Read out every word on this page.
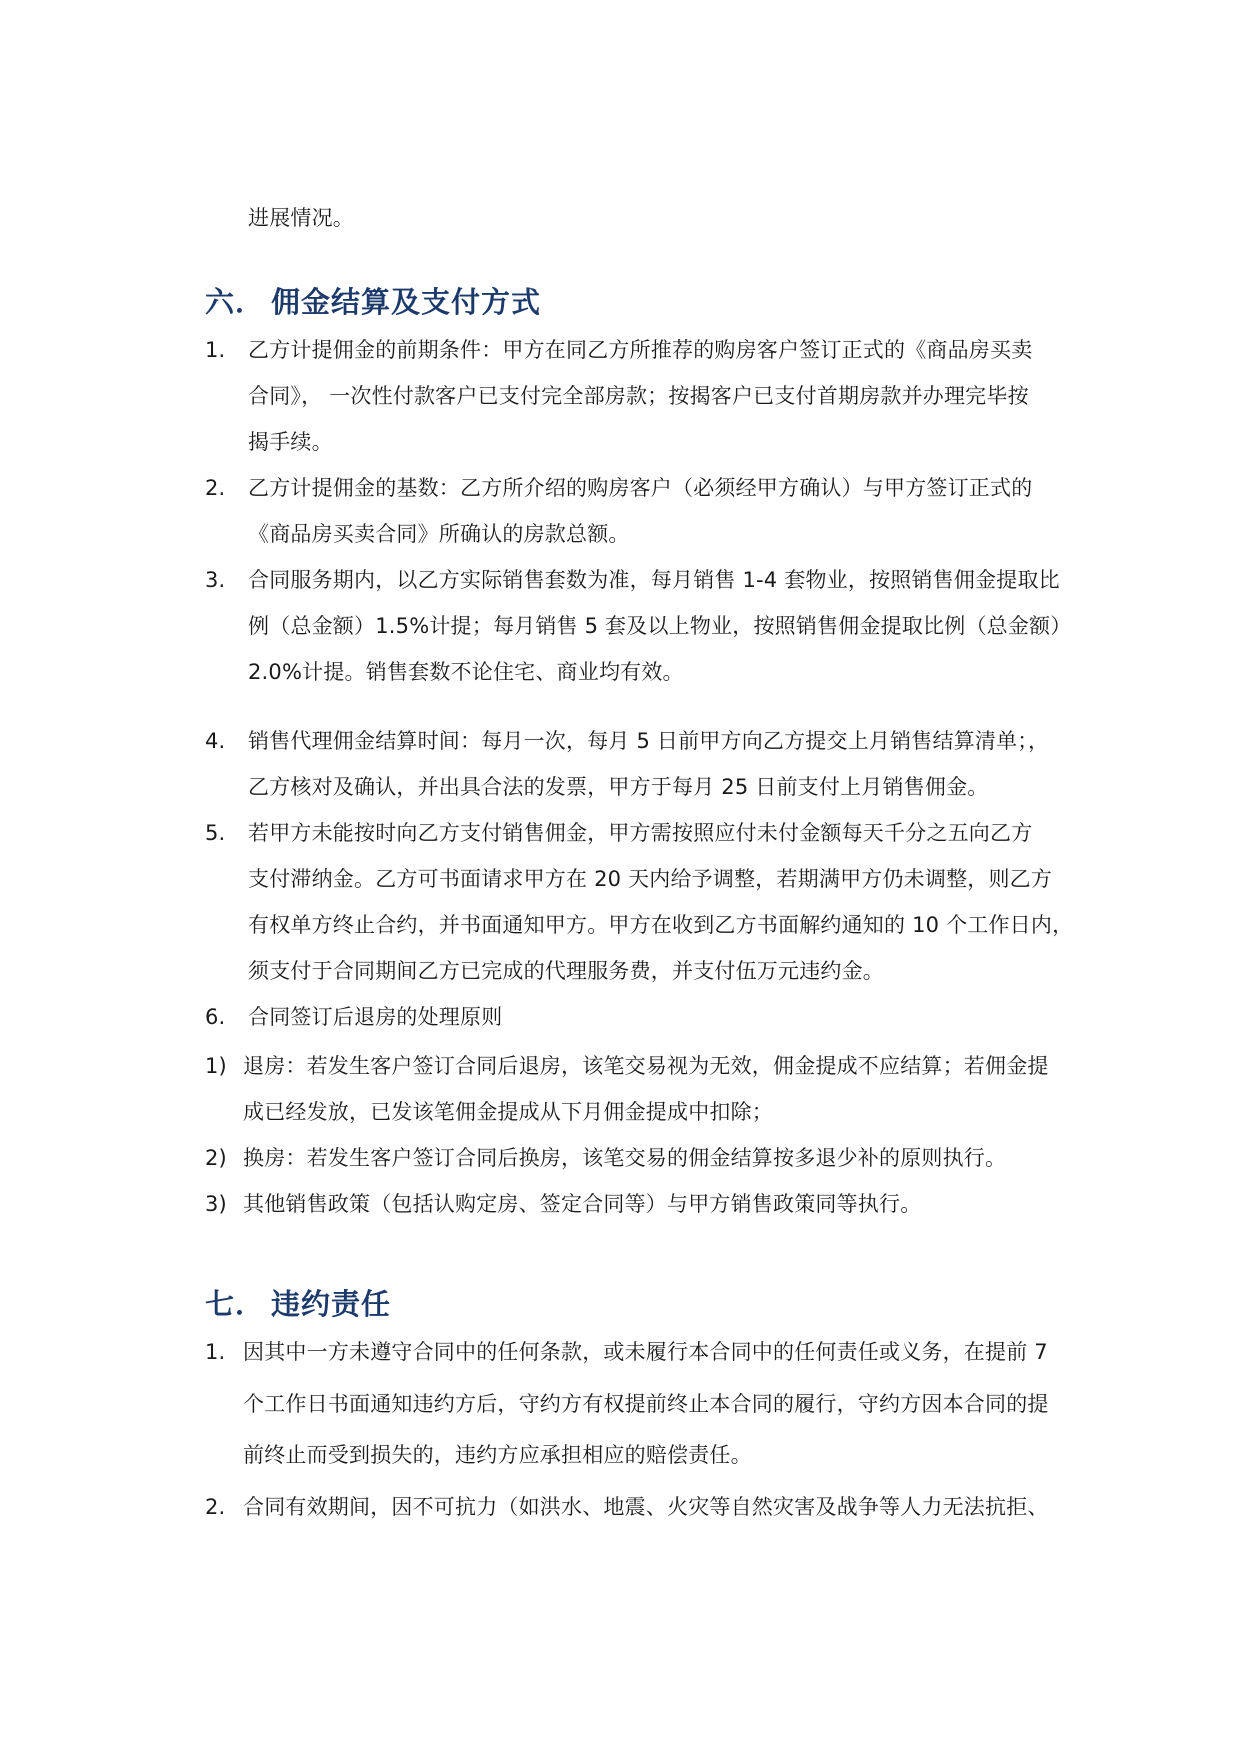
进展情况。
六． 佣金结算及支付方式
1. 乙方计提佣金的前期条件：甲方在同乙方所推荐的购房客户签订正式的《商品房买卖
合同》， 一次性付款客户已支付完全部房款；按揭客户已支付首期房款并办理完毕按
揭手续。
2. 乙方计提佣金的基数：乙方所介绍的购房客户（必须经甲方确认）与甲方签订正式的
《商品房买卖合同》所确认的房款总额。
3. 合同服务期内，以乙方实际销售套数为准，每月销售 1-4 套物业，按照销售佣金提取比
例（总金额）1.5%计提；每月销售 5 套及以上物业，按照销售佣金提取比例（总金额）
2.0%计提。销售套数不论住宅、商业均有效。
4. 销售代理佣金结算时间：每月一次，每月 5 日前甲方向乙方提交上月销售结算清单；，
乙方核对及确认，并出具合法的发票，甲方于每月 25 日前支付上月销售佣金。
5. 若甲方未能按时向乙方支付销售佣金，甲方需按照应付未付金额每天千分之五向乙方
支付滞纳金。乙方可书面请求甲方在 20 天内给予调整，若期满甲方仍未调整，则乙方
有权单方终止合约，并书面通知甲方。甲方在收到乙方书面解约通知的 10 个工作日内，
须支付于合同期间乙方已完成的代理服务费，并支付伍万元违约金。
6. 合同签订后退房的处理原则
1) 退房：若发生客户签订合同后退房，该笔交易视为无效，佣金提成不应结算；若佣金提
成已经发放，已发该笔佣金提成从下月佣金提成中扣除；
2) 换房：若发生客户签订合同后换房，该笔交易的佣金结算按多退少补的原则执行。
3) 其他销售政策（包括认购定房、签定合同等）与甲方销售政策同等执行。
七． 违约责任
1. 因其中一方未遵守合同中的任何条款，或未履行本合同中的任何责任或义务，在提前 7
个工作日书面通知违约方后，守约方有权提前终止本合同的履行，守约方因本合同的提
前终止而受到损失的，违约方应承担相应的赔偿责任。
2. 合同有效期间，因不可抗力（如洪水、地震、火灾等自然灾害及战争等人力无法抗拒、
